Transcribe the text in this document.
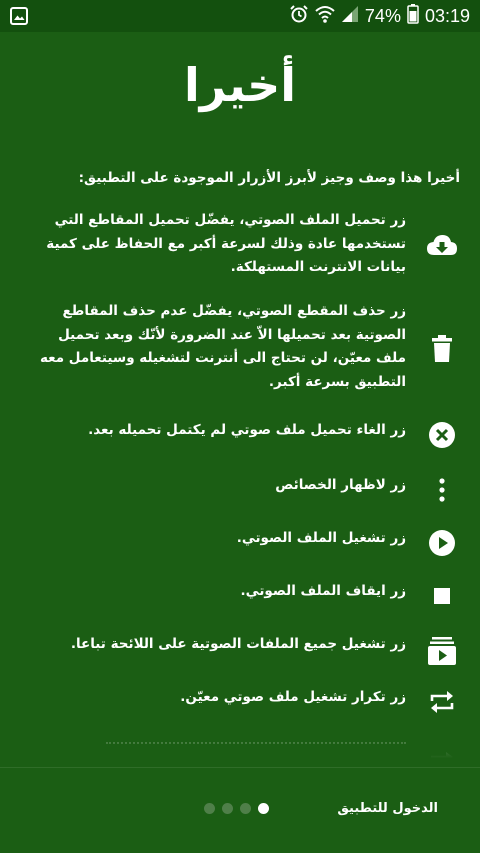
74% 03:19
أخيرا
أخيرا هذا وصف وجيز لأبرز الأزرار الموجودة على التطبيق:
زر تحميل الملف الصوتي، يفضّل تحميل المقاطع التي تستخدمها عادة وذلك لسرعة أكبر مع الحفاظ على كمية بيانات الانترنت المستهلكة.
زر حذف المقطع الصوتي، يفضّل عدم حذف المقاطع الصوتية بعد تحميلها الاّ عند الضرورة لأنّك وبعد تحميل ملف معيّن، لن تحتاج الى أنترنت لتشغيله وسيتعامل معه التطبيق بسرعة أكبر.
زر الغاء تحميل ملف صوتي لم يكتمل تحميله بعد.
زر لاظهار الخصائص
زر تشغيل الملف الصوتي.
زر ايقاف الملف الصوتي.
زر تشغيل جميع الملفات الصوتية على اللائحة تباعا.
زر تكرار تشغيل ملف صوتي معيّن.
الدخول للتطبيق
